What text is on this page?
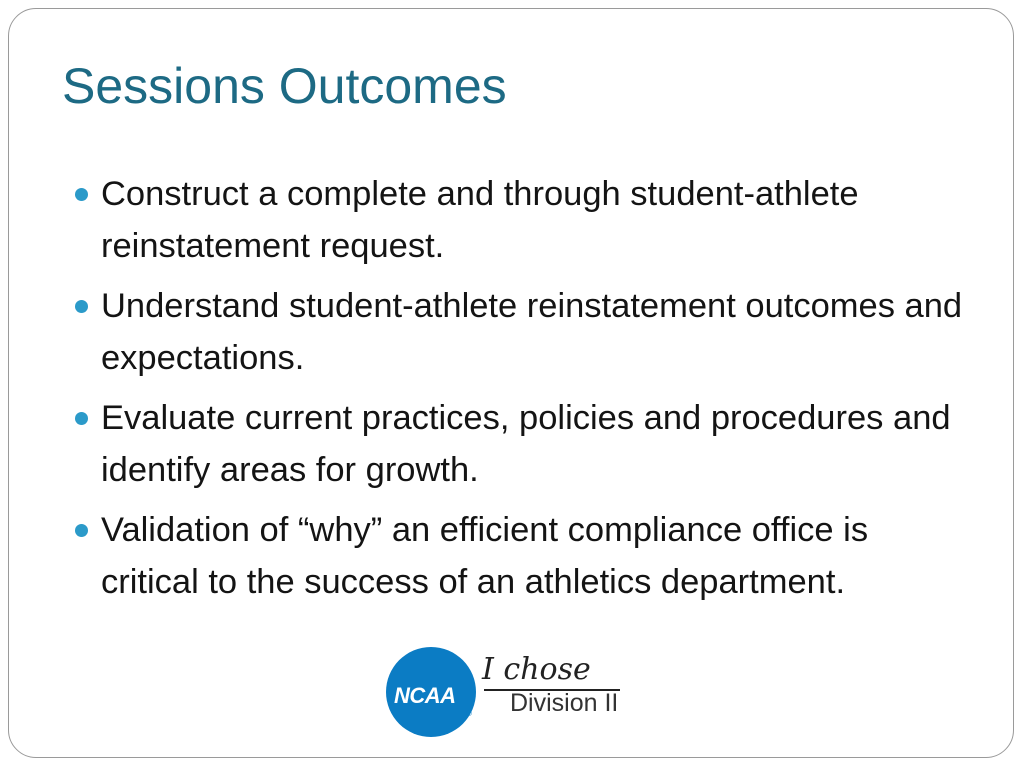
Sessions Outcomes
Construct a complete and through student-athlete reinstatement request.
Understand student-athlete reinstatement outcomes and expectations.
Evaluate current practices, policies and procedures and identify areas for growth.
Validation of “why” an efficient compliance office is critical to the success of an athletics department.
NCAA
®
I chose
Division II
